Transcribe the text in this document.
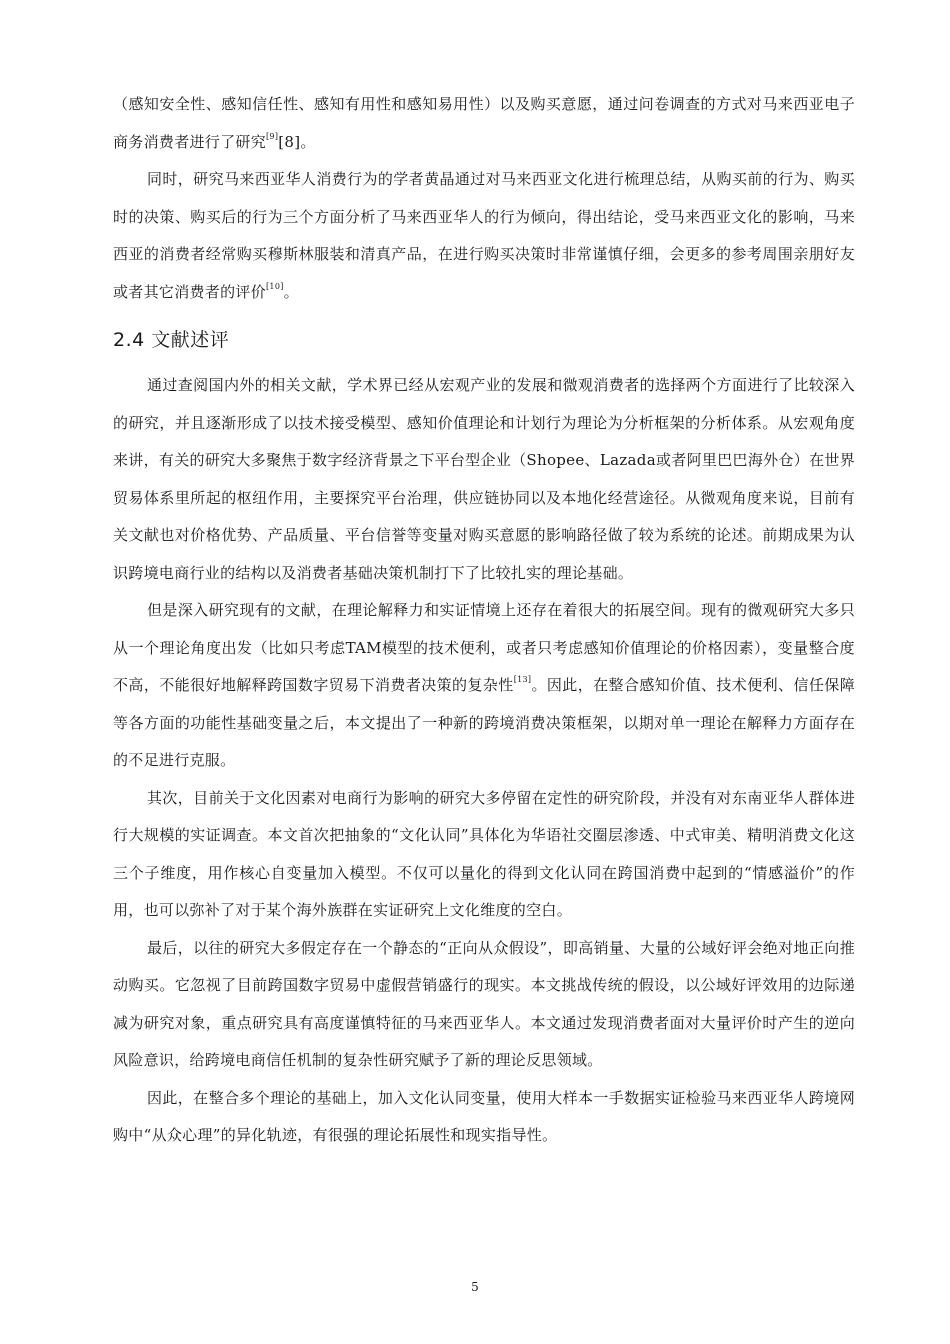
（感知安全性、感知信任性、感知有用性和感知易用性）以及购买意愿，通过问卷调查的方式对马来西亚电子商务消费者进行了研究[9][8]。

同时，研究马来西亚华人消费行为的学者黄晶通过对马来西亚文化进行梳理总结，从购买前的行为、购买时的决策、购买后的行为三个方面分析了马来西亚华人的行为倾向，得出结论，受马来西亚文化的影响，马来西亚的消费者经常购买穆斯林服装和清真产品，在进行购买决策时非常谨慎仔细，会更多的参考周围亲朋好友或者其它消费者的评价[10]。

2.4 文献述评

通过查阅国内外的相关文献，学术界已经从宏观产业的发展和微观消费者的选择两个方面进行了比较深入的研究，并且逐渐形成了以技术接受模型、感知价值理论和计划行为理论为分析框架的分析体系。从宏观角度来讲，有关的研究大多聚焦于数字经济背景之下平台型企业（Shopee、Lazada或者阿里巴巴海外仓）在世界贸易体系里所起的枢纽作用，主要探究平台治理，供应链协同以及本地化经营途径。从微观角度来说，目前有关文献也对价格优势、产品质量、平台信誉等变量对购买意愿的影响路径做了较为系统的论述。前期成果为认识跨境电商行业的结构以及消费者基础决策机制打下了比较扎实的理论基础。

但是深入研究现有的文献，在理论解释力和实证情境上还存在着很大的拓展空间。现有的微观研究大多只从一个理论角度出发（比如只考虑TAM模型的技术便利，或者只考虑感知价值理论的价格因素），变量整合度不高，不能很好地解释跨国数字贸易下消费者决策的复杂性[13]。因此，在整合感知价值、技术便利、信任保障等各方面的功能性基础变量之后，本文提出了一种新的跨境消费决策框架，以期对单一理论在解释力方面存在的不足进行克服。

其次，目前关于文化因素对电商行为影响的研究大多停留在定性的研究阶段，并没有对东南亚华人群体进行大规模的实证调查。本文首次把抽象的“文化认同”具体化为华语社交圈层渗透、中式审美、精明消费文化这三个子维度，用作核心自变量加入模型。不仅可以量化的得到文化认同在跨国消费中起到的“情感溢价”的作用，也可以弥补了对于某个海外族群在实证研究上文化维度的空白。

最后，以往的研究大多假定存在一个静态的“正向从众假设”，即高销量、大量的公域好评会绝对地正向推动购买。它忽视了目前跨国数字贸易中虚假营销盛行的现实。本文挑战传统的假设，以公域好评效用的边际递减为研究对象，重点研究具有高度谨慎特征的马来西亚华人。本文通过发现消费者面对大量评价时产生的逆向风险意识，给跨境电商信任机制的复杂性研究赋予了新的理论反思领域。

因此，在整合多个理论的基础上，加入文化认同变量，使用大样本一手数据实证检验马来西亚华人跨境网购中“从众心理”的异化轨迹，有很强的理论拓展性和现实指导性。

5
